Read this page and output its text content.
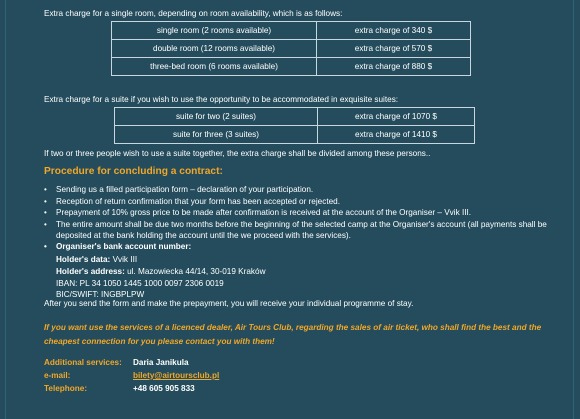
Extra charge for a single room, depending on room availability, which is as follows:
single room (2 rooms available)	extra charge of 340 $
double room (12 rooms available)	extra charge of 570 $
three-bed room (6 rooms available)	extra charge of 880 $
Extra charge for a suite if you wish to use the opportunity to be accommodated in exquisite suites:
suite for two (2 suites)	extra charge of 1070 $
suite for three (3 suites)	extra charge of 1410 $
If two or three people wish to use a suite together, the extra charge shall be divided among these persons..
Procedure for concluding a contract:
• Sending us a filled participation form – declaration of your participation.
• Reception of return confirmation that your form has been accepted or rejected.
• Prepayment of 10% gross price to be made after confirmation is received at the account of the Organiser – Vvik III.
• The entire amount shall be due two months before the beginning of the selected camp at the Organiser's account (all payments shall be deposited at the bank holding the account until the we proceed with the services).
• Organiser's bank account number:
Holder's data: Vvik III
Holder's address: ul. Mazowiecka 44/14, 30-019 Kraków
IBAN: PL 34 1050 1445 1000 0097 2306 0019
BIC/SWIFT: INGBPLPW
After you send the form and make the prepayment, you will receive your individual programme of stay.
If you want use the services of a licenced dealer, Air Tours Club, regarding the sales of air ticket, who shall find the best and the cheapest connection for you please contact you with them!
Additional services: Daria Janikula
e-mail:	bilety@airtoursclub.pl
Telephone:	+48 605 905 833
